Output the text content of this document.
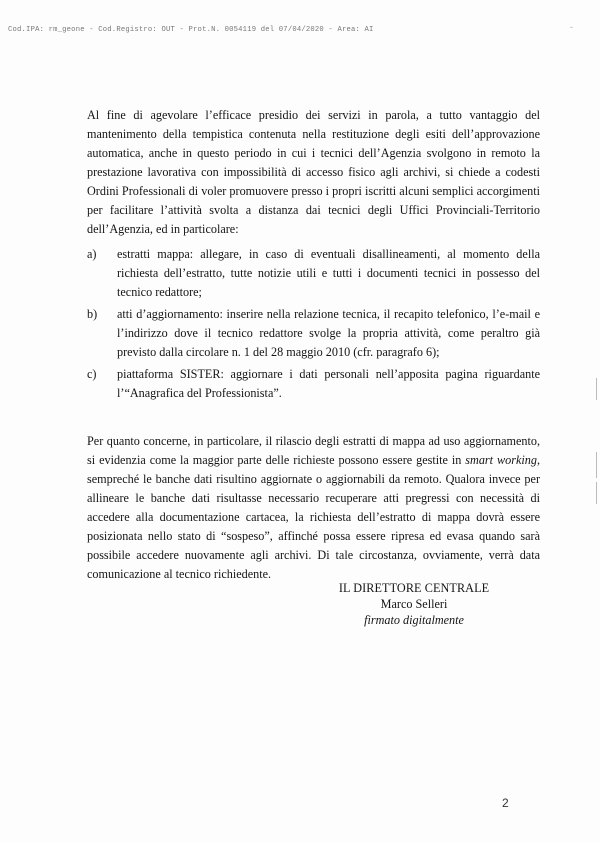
Cod.IPA: rm_geone - Cod.Registro: OUT - Prot.N. 0054119 del 07/04/2020 - Area: AI	-

Al fine di agevolare l’efficace presidio dei servizi in parola, a tutto vantaggio del mantenimento della tempistica contenuta nella restituzione degli esiti dell’approvazione automatica, anche in questo periodo in cui i tecnici dell’Agenzia svolgono in remoto la prestazione lavorativa con impossibilità di accesso fisico agli archivi, si chiede a codesti Ordini Professionali di voler promuovere presso i propri iscritti alcuni semplici accorgimenti per facilitare l’attività svolta a distanza dai tecnici degli Uffici Provinciali-Territorio dell’Agenzia, ed in particolare:

a)	estratti mappa: allegare, in caso di eventuali disallineamenti, al momento della richiesta dell’estratto, tutte notizie utili e tutti i documenti tecnici in possesso del tecnico redattore;
b)	atti d’aggiornamento: inserire nella relazione tecnica, il recapito telefonico, l’e-mail e l’indirizzo dove il tecnico redattore svolge la propria attività, come peraltro già previsto dalla circolare n. 1 del 28 maggio 2010 (cfr. paragrafo 6);
c)	piattaforma SISTER: aggiornare i dati personali nell’apposita pagina riguardante l’“Anagrafica del Professionista”.

Per quanto concerne, in particolare, il rilascio degli estratti di mappa ad uso aggiornamento, si evidenzia come la maggior parte delle richieste possono essere gestite in smart working, sempreché le banche dati risultino aggiornate o aggiornabili da remoto. Qualora invece per allineare le banche dati risultasse necessario recuperare atti pregressi con necessità di accedere alla documentazione cartacea, la richiesta dell’estratto di mappa dovrà essere posizionata nello stato di “sospeso”, affinché possa essere ripresa ed evasa quando sarà possibile accedere nuovamente agli archivi. Di tale circostanza, ovviamente, verrà data comunicazione al tecnico richiedente.

IL DIRETTORE CENTRALE
Marco Selleri
firmato digitalmente
2
